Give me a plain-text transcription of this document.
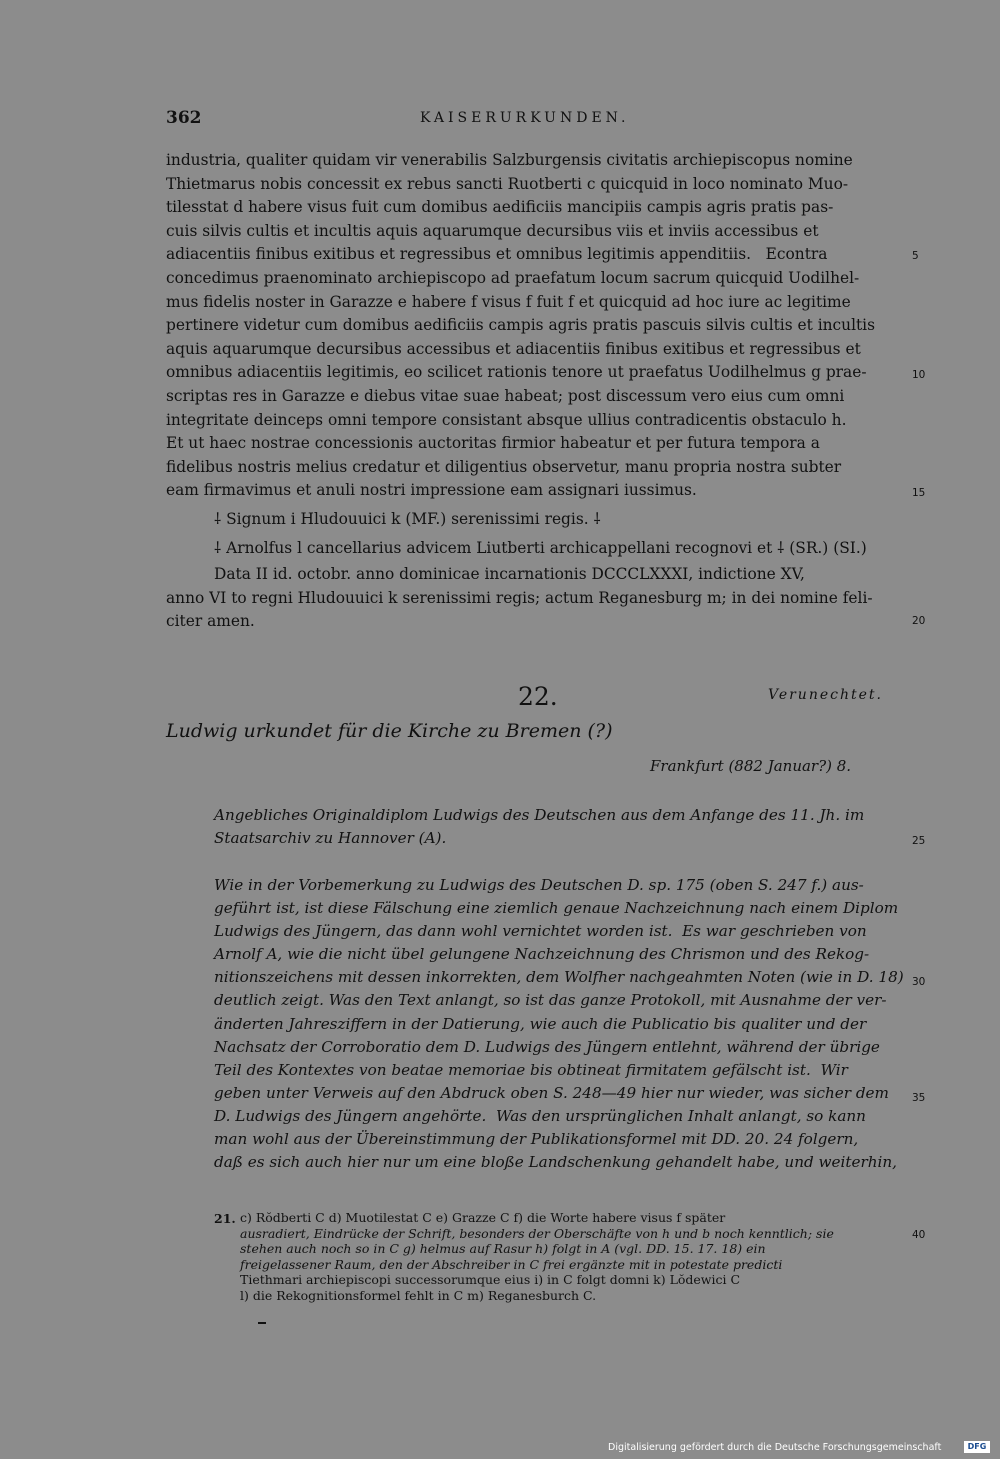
362	KAISERURKUNDEN.
industria, qualiter quidam vir venerabilis Salzburgensis civitatis archiepiscopus nomine
Thietmarus nobis concessit ex rebus sancti Ruotberti c quicquid in loco nominato Muo-
tilesstat d habere visus fuit cum domibus aedificiis mancipiis campis agris pratis pas-
cuis silvis cultis et incultis aquis aquarumque decursibus viis et inviis accessibus et
adiacentiis finibus exitibus et regressibus et omnibus legitimis appenditiis.   Econtra
concedimus praenominato archiepiscopo ad praefatum locum sacrum quicquid Uodilhel-
mus fidelis noster in Garazze e habere f visus f fuit f et quicquid ad hoc iure ac legitime
pertinere videtur cum domibus aedificiis campis agris pratis pascuis silvis cultis et incultis
aquis aquarumque decursibus accessibus et adiacentiis finibus exitibus et regressibus et
omnibus adiacentiis legitimis, eo scilicet rationis tenore ut praefatus Uodilhelmus g prae-
scriptas res in Garazze e diebus vitae suae habeat; post discessum vero eius cum omni
integritate deinceps omni tempore consistant absque ullius contradicentis obstaculo h.
Et ut haec nostrae concessionis auctoritas firmior habeatur et per futura tempora a
fidelibus nostris melius credatur et diligentius observetur, manu propria nostra subter
eam firmavimus et anuli nostri impressione eam assignari iussimus.
⸸ Signum i Hludouuici k (MF.) serenissimi regis. ⸸
⸸ Arnolfus l cancellarius advicem Liutberti archicappellani recognovi et ⸸ (SR.) (SI.)
Data II id. octobr. anno dominicae incarnationis DCCCLXXXI, indictione XV,
anno VI to regni Hludouuici k serenissimi regis; actum Reganesburg m; in dei nomine feli-
citer amen.
5
10
15
20
22.	Verunechtet.
Ludwig urkundet für die Kirche zu Bremen (?)
Frankfurt (882 Januar?) 8.
Angebliches Originaldiplom Ludwigs des Deutschen aus dem Anfange des 11. Jh. im
Staatsarchiv zu Hannover (A).
Wie in der Vorbemerkung zu Ludwigs des Deutschen D. sp. 175 (oben S. 247 f.) aus-
geführt ist, ist diese Fälschung eine ziemlich genaue Nachzeichnung nach einem Diplom
Ludwigs des Jüngern, das dann wohl vernichtet worden ist.  Es war geschrieben von
Arnolf A, wie die nicht übel gelungene Nachzeichnung des Chrismon und des Rekog-
nitionszeichens mit dessen inkorrekten, dem Wolfher nachgeahmten Noten (wie in D. 18)
deutlich zeigt. Was den Text anlangt, so ist das ganze Protokoll, mit Ausnahme der ver-
änderten Jahresziffern in der Datierung, wie auch die Publicatio bis qualiter und der
Nachsatz der Corroboratio dem D. Ludwigs des Jüngern entlehnt, während der übrige
Teil des Kontextes von beatae memoriae bis obtineat firmitatem gefälscht ist.  Wir
geben unter Verweis auf den Abdruck oben S. 248—49 hier nur wieder, was sicher dem
D. Ludwigs des Jüngern angehörte.  Was den ursprünglichen Inhalt anlangt, so kann
man wohl aus der Übereinstimmung der Publikationsformel mit DD. 20. 24 folgern,
daß es sich auch hier nur um eine bloße Landschenkung gehandelt habe, und weiterhin,
25
30
35
21. c) Rŏdberti C d) Muotilestat C e) Grazze C f) die Worte habere visus f später
ausradiert, Eindrücke der Schrift, besonders der Oberschäfte von h und b noch kenntlich; sie
stehen auch noch so in C g) helmus auf Rasur h) folgt in A (vgl. DD. 15. 17. 18) ein
freigelassener Raum, den der Abschreiber in C frei ergänzte mit in potestate predicti
Tiethmari archiepiscopi successorumque eius i) in C folgt domni k) Lŏdewici C
l) die Rekognitionsformel fehlt in C m) Reganesburch C.
40
Digitalisierung gefördert durch die Deutsche Forschungsgemeinschaft	DFG
